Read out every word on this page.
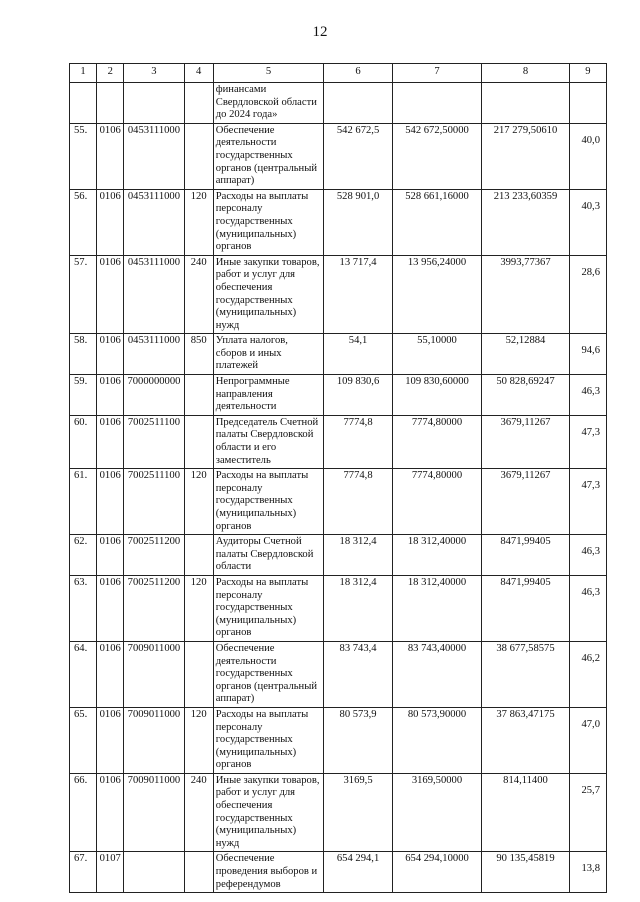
12
1	2	3	4	5	6	7	8	9
				финансами Свердловской области до 2024 года»				
55.	0106	0453111000		Обеспечение деятельности государственных органов (центральный аппарат)	542 672,5	542 672,50000	217 279,50610	40,0
56.	0106	0453111000	120	Расходы на выплаты персоналу государственных (муниципальных) органов	528 901,0	528 661,16000	213 233,60359	40,3
57.	0106	0453111000	240	Иные закупки товаров, работ и услуг для обеспечения государственных (муниципальных) нужд	13 717,4	13 956,24000	3993,77367	28,6
58.	0106	0453111000	850	Уплата налогов, сборов и иных платежей	54,1	55,10000	52,12884	94,6
59.	0106	7000000000		Непрограммные направления деятельности	109 830,6	109 830,60000	50 828,69247	46,3
60.	0106	7002511100		Председатель Счетной палаты Свердловской области и его заместитель	7774,8	7774,80000	3679,11267	47,3
61.	0106	7002511100	120	Расходы на выплаты персоналу государственных (муниципальных) органов	7774,8	7774,80000	3679,11267	47,3
62.	0106	7002511200		Аудиторы Счетной палаты Свердловской области	18 312,4	18 312,40000	8471,99405	46,3
63.	0106	7002511200	120	Расходы на выплаты персоналу государственных (муниципальных) органов	18 312,4	18 312,40000	8471,99405	46,3
64.	0106	7009011000		Обеспечение деятельности государственных органов (центральный аппарат)	83 743,4	83 743,40000	38 677,58575	46,2
65.	0106	7009011000	120	Расходы на выплаты персоналу государственных (муниципальных) органов	80 573,9	80 573,90000	37 863,47175	47,0
66.	0106	7009011000	240	Иные закупки товаров, работ и услуг для обеспечения государственных (муниципальных) нужд	3169,5	3169,50000	814,11400	25,7
67.	0107			Обеспечение проведения выборов и референдумов	654 294,1	654 294,10000	90 135,45819	13,8
